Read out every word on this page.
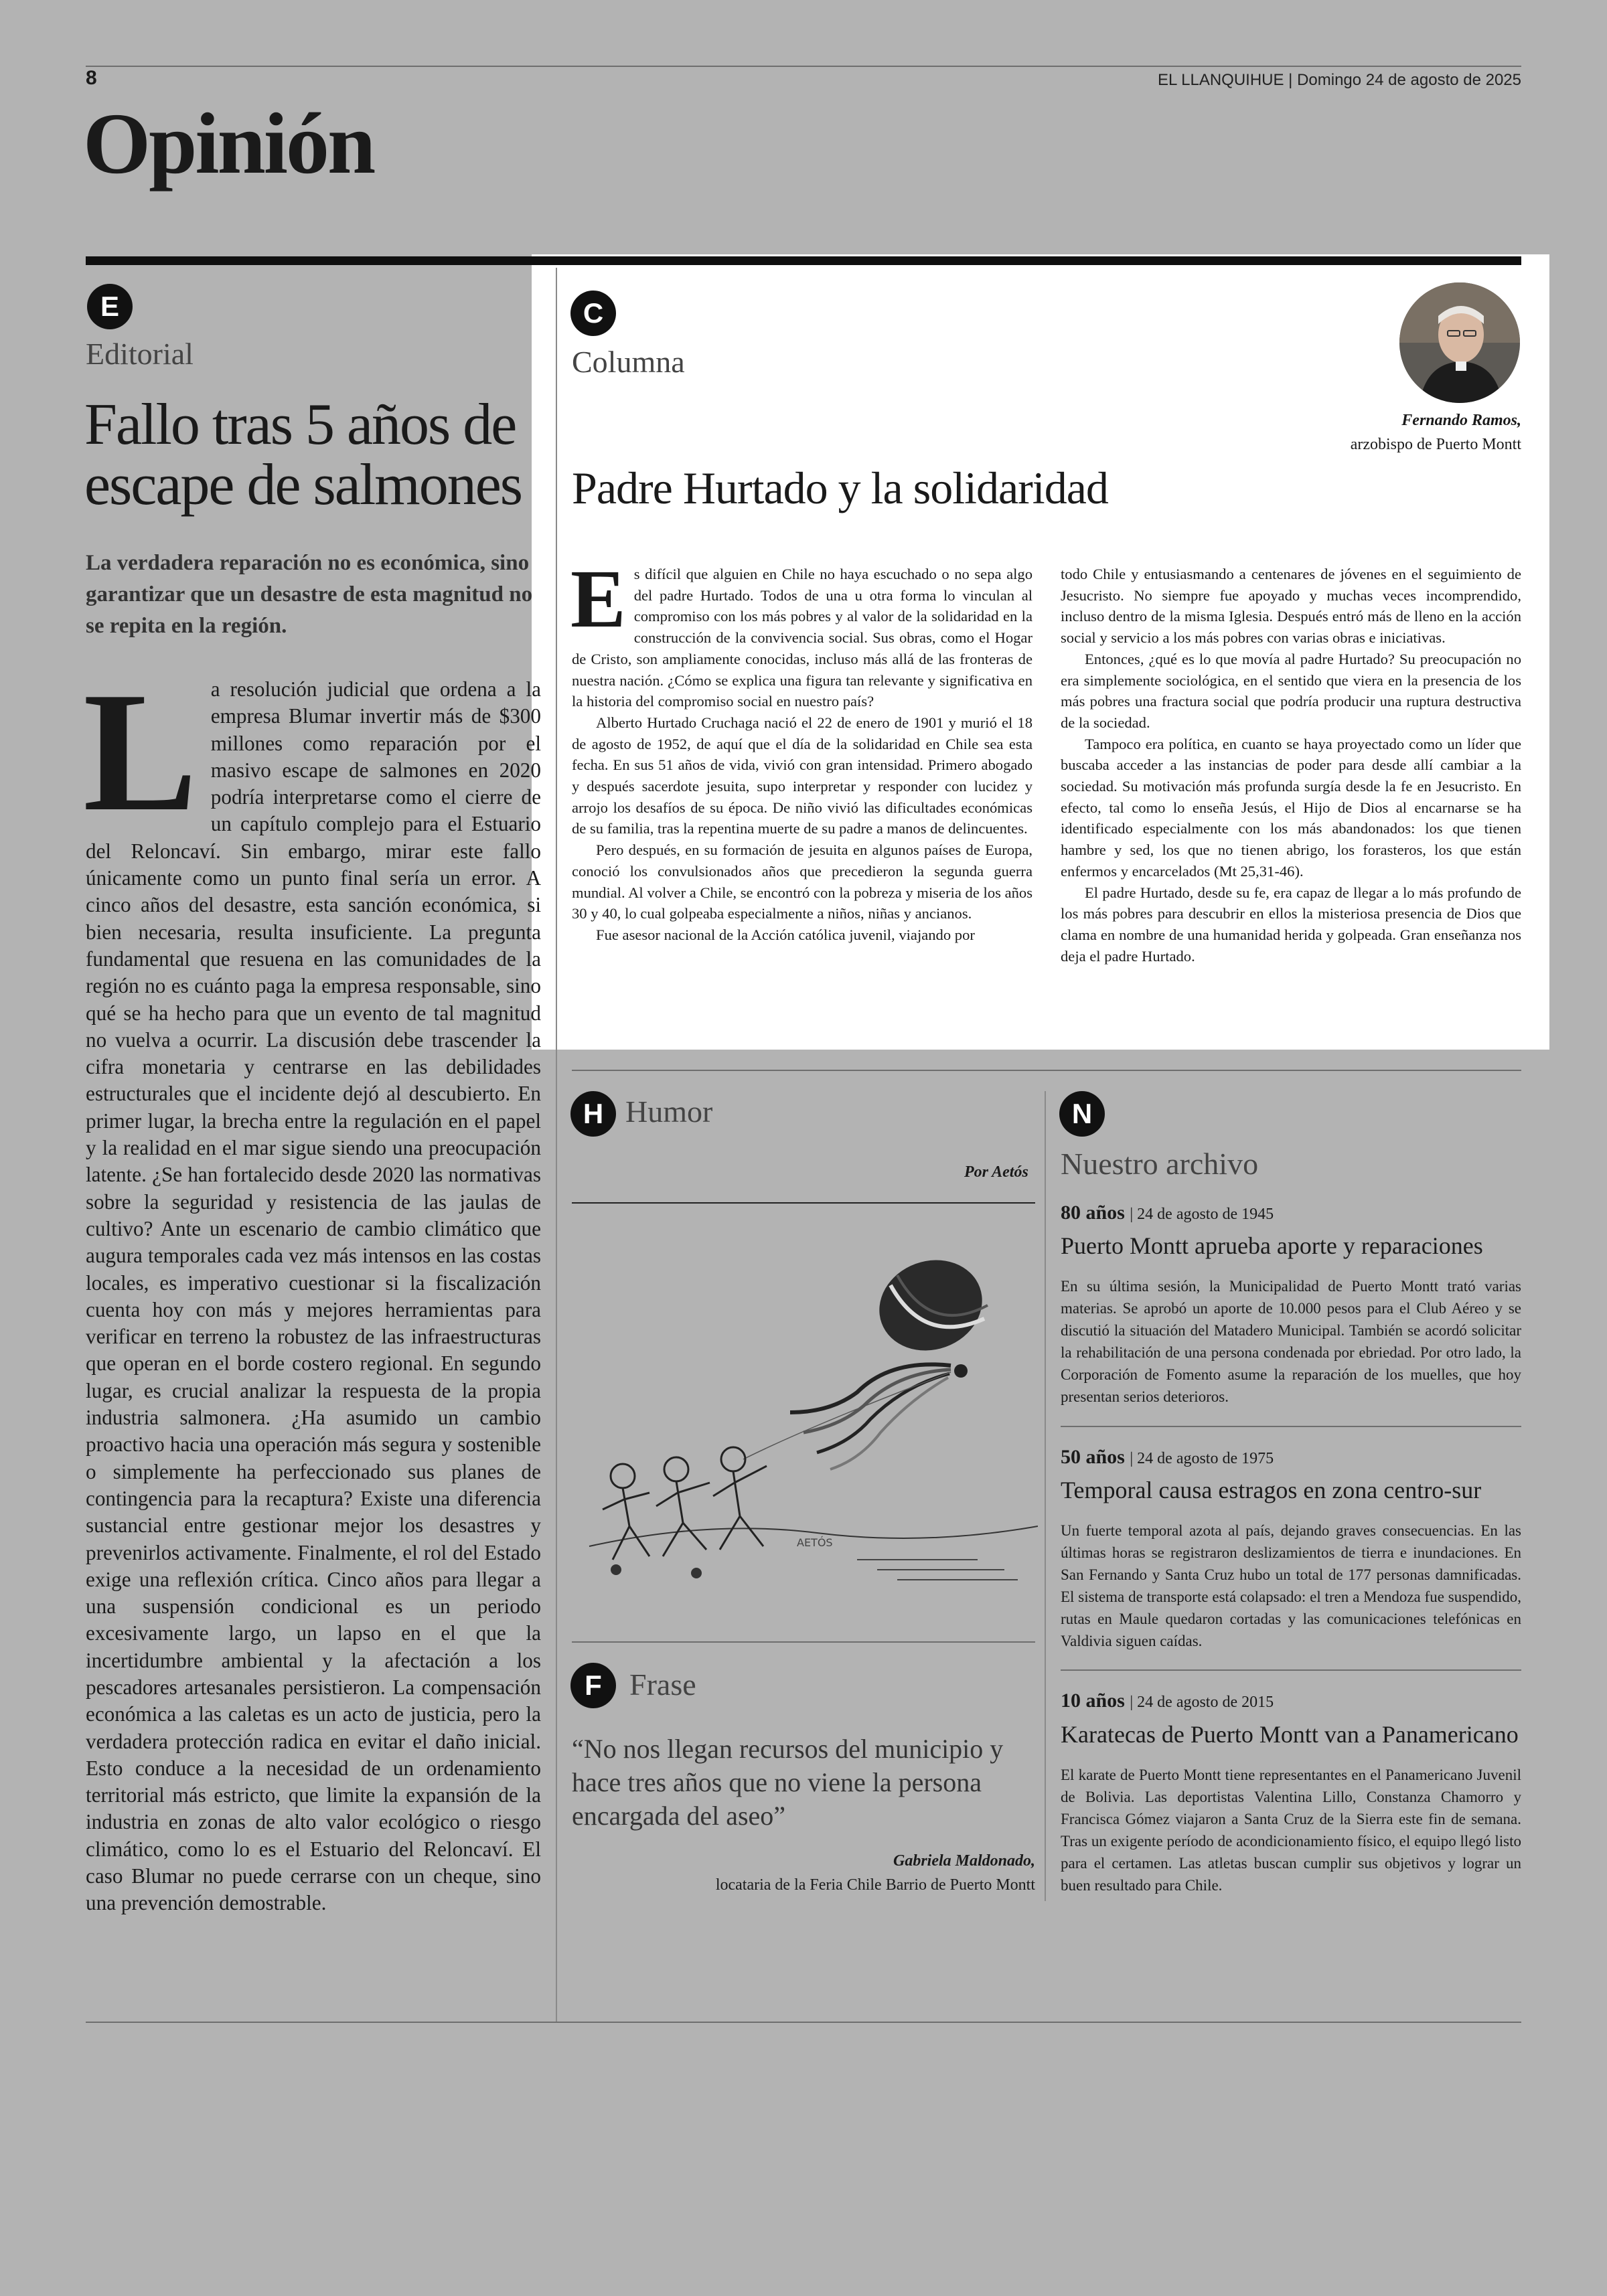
8	EL LLANQUIHUE | Domingo 24 de agosto de 2025
Opinión
E
Editorial
Fallo tras 5 años de
escape de salmones

La verdadera reparación no es económica, sino garantizar que un desastre de esta magnitud no se repita en la región.

La resolución judicial que ordena a la empresa Blumar invertir más de $300 millones como reparación por el masivo escape de salmones en 2020 podría interpretarse como el cierre de un capítulo complejo para el Estuario del Reloncaví. Sin embargo, mirar este fallo únicamente como un punto final sería un error. A cinco años del desastre, esta sanción económica, si bien necesaria, resulta insuficiente. La pregunta fundamental que resuena en las comunidades de la región no es cuánto paga la empresa responsable, sino qué se ha hecho para que un evento de tal magnitud no vuelva a ocurrir. La discusión debe trascender la cifra monetaria y centrarse en las debilidades estructurales que el incidente dejó al descubierto. En primer lugar, la brecha entre la regulación en el papel y la realidad en el mar sigue siendo una preocupación latente. ¿Se han fortalecido desde 2020 las normativas sobre la seguridad y resistencia de las jaulas de cultivo? Ante un escenario de cambio climático que augura temporales cada vez más intensos en las costas locales, es imperativo cuestionar si la fiscalización cuenta hoy con más y mejores herramientas para verificar en terreno la robustez de las infraestructuras que operan en el borde costero regional. En segundo lugar, es crucial analizar la respuesta de la propia industria salmonera. ¿Ha asumido un cambio proactivo hacia una operación más segura y sostenible o simplemente ha perfeccionado sus planes de contingencia para la recaptura? Existe una diferencia sustancial entre gestionar mejor los desastres y prevenirlos activamente. Finalmente, el rol del Estado exige una reflexión crítica. Cinco años para llegar a una suspensión condicional es un periodo excesivamente largo, un lapso en el que la incertidumbre ambiental y la afectación a los pescadores artesanales persistieron. La compensación económica a las caletas es un acto de justicia, pero la verdadera protección radica en evitar el daño inicial. Esto conduce a la necesidad de un ordenamiento territorial más estricto, que limite la expansión de la industria en zonas de alto valor ecológico o riesgo climático, como lo es el Estuario del Reloncaví. El caso Blumar no puede cerrarse con un cheque, sino una prevención demostrable.
C
Columna
Fernando Ramos,
arzobispo de Puerto Montt
Padre Hurtado y la solidaridad

Es difícil que alguien en Chile no haya escuchado o no sepa algo del padre Hurtado. Todos de una u otra forma lo vinculan al compromiso con los más pobres y al valor de la solidaridad en la construcción de la convivencia social. Sus obras, como el Hogar de Cristo, son ampliamente conocidas, incluso más allá de las fronteras de nuestra nación. ¿Cómo se explica una figura tan relevante y significativa en la historia del compromiso social en nuestro país?

Alberto Hurtado Cruchaga nació el 22 de enero de 1901 y murió el 18 de agosto de 1952, de aquí que el día de la solidaridad en Chile sea esta fecha. En sus 51 años de vida, vivió con gran intensidad. Primero abogado y después sacerdote jesuita, supo interpretar y responder con lucidez y arrojo los desafíos de su época. De niño vivió las dificultades económicas de su familia, tras la repentina muerte de su padre a manos de delincuentes.

Pero después, en su formación de jesuita en algunos países de Europa, conoció los convulsionados años que precedieron la segunda guerra mundial. Al volver a Chile, se encontró con la pobreza y miseria de los años 30 y 40, lo cual golpeaba especialmente a niños, niñas y ancianos.

Fue asesor nacional de la Acción católica juvenil, viajando por

todo Chile y entusiasmando a centenares de jóvenes en el seguimiento de Jesucristo. No siempre fue apoyado y muchas veces incomprendido, incluso dentro de la misma Iglesia. Después entró más de lleno en la acción social y servicio a los más pobres con varias obras e iniciativas.

Entonces, ¿qué es lo que movía al padre Hurtado? Su preocupación no era simplemente sociológica, en el sentido que viera en la presencia de los más pobres una fractura social que podría producir una ruptura destructiva de la sociedad.

Tampoco era política, en cuanto se haya proyectado como un líder que buscaba acceder a las instancias de poder para desde allí cambiar a la sociedad. Su motivación más profunda surgía desde la fe en Jesucristo. En efecto, tal como lo enseña Jesús, el Hijo de Dios al encarnarse se ha identificado especialmente con los más abandonados: los que tienen hambre y sed, los que no tienen abrigo, los forasteros, los que están enfermos y encarcelados (Mt 25,31-46).

El padre Hurtado, desde su fe, era capaz de llegar a lo más profundo de los más pobres para descubrir en ellos la misteriosa presencia de Dios que clama en nombre de una humanidad herida y golpeada. Gran enseñanza nos deja el padre Hurtado.

H Humor
Por Aetós
AETÓS
F Frase
“No nos llegan recursos del municipio y hace tres años que no viene la persona encargada del aseo”
Gabriela Maldonado,
locataria de la Feria Chile Barrio de Puerto Montt
N
Nuestro archivo
80 años | 24 de agosto de 1945
Puerto Montt aprueba aporte y reparaciones

En su última sesión, la Municipalidad de Puerto Montt trató varias materias. Se aprobó un aporte de 10.000 pesos para el Club Aéreo y se discutió la situación del Matadero Municipal. También se acordó solicitar la rehabilitación de una persona condenada por ebriedad. Por otro lado, la Corporación de Fomento asume la reparación de los muelles, que hoy presentan serios deterioros.

50 años | 24 de agosto de 1975
Temporal causa estragos en zona centro-sur

Un fuerte temporal azota al país, dejando graves consecuencias. En las últimas horas se registraron deslizamientos de tierra e inundaciones. En San Fernando y Santa Cruz hubo un total de 177 personas damnificadas. El sistema de transporte está colapsado: el tren a Mendoza fue suspendido, rutas en Maule quedaron cortadas y las comunicaciones telefónicas en Valdivia siguen caídas.

10 años | 24 de agosto de 2015
Karatecas de Puerto Montt van a Panamericano

El karate de Puerto Montt tiene representantes en el Panamericano Juvenil de Bolivia. Las deportistas Valentina Lillo, Constanza Chamorro y Francisca Gómez viajaron a Santa Cruz de la Sierra este fin de semana. Tras un exigente período de acondicionamiento físico, el equipo llegó listo para el certamen. Las atletas buscan cumplir sus objetivos y lograr un buen resultado para Chile.
